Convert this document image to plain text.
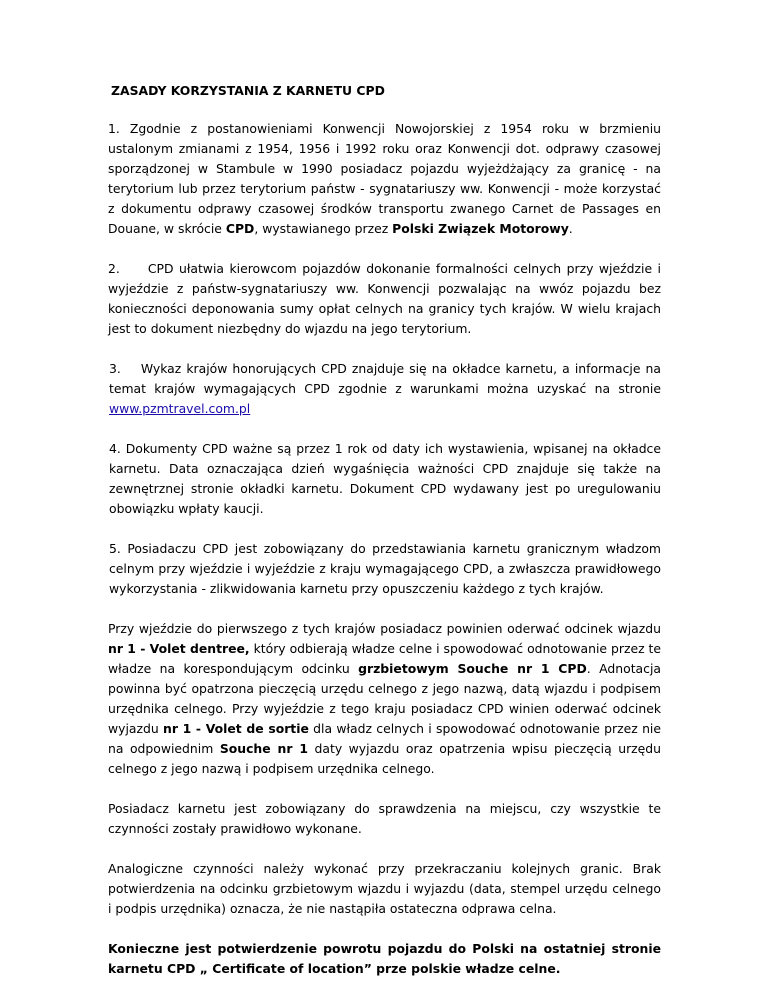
ZASADY KORZYSTANIA Z KARNETU CPD
1. Zgodnie z postanowieniami Konwencji Nowojorskiej z 1954 roku w brzmieniu ustalonym zmianami z 1954, 1956 i 1992 roku oraz Konwencji dot. odprawy czasowej sporządzonej w Stambule w 1990 posiadacz pojazdu wyjeżdżający za granicę - na terytorium lub przez terytorium państw - sygnatariuszy ww. Konwencji - może korzystać z dokumentu odprawy czasowej środków transportu zwanego Carnet de Passages en Douane, w skrócie CPD, wystawianego przez Polski Związek Motorowy.
2. CPD ułatwia kierowcom pojazdów dokonanie formalności celnych przy wjeździe i wyjeździe z państw-sygnatariuszy ww. Konwencji pozwalając na wwóz pojazdu bez konieczności deponowania sumy opłat celnych na granicy tych krajów. W wielu krajach jest to dokument niezbędny do wjazdu na jego terytorium.
3. Wykaz krajów honorujących CPD znajduje się na okładce karnetu, a informacje na temat krajów wymagających CPD zgodnie z warunkami można uzyskać na stronie www.pzmtravel.com.pl
4. Dokumenty CPD ważne są przez 1 rok od daty ich wystawienia, wpisanej na okładce karnetu. Data oznaczająca dzień wygaśnięcia ważności CPD znajduje się także na zewnętrznej stronie okładki karnetu. Dokument CPD wydawany jest po uregulowaniu obowiązku wpłaty kaucji.
5. Posiadaczu CPD jest zobowiązany do przedstawiania karnetu granicznym władzom celnym przy wjeździe i wyjeździe z kraju wymagającego CPD, a zwłaszcza prawidłowego wykorzystania - zlikwidowania karnetu przy opuszczeniu każdego z tych krajów.
Przy wjeździe do pierwszego z tych krajów posiadacz powinien oderwać odcinek wjazdu nr 1 - Volet dentree, który odbierają władze celne i spowodować odnotowanie przez te władze na korespondującym odcinku grzbietowym Souche nr 1 CPD. Adnotacja powinna być opatrzona pieczęcią urzędu celnego z jego nazwą, datą wjazdu i podpisem urzędnika celnego. Przy wyjeździe z tego kraju posiadacz CPD winien oderwać odcinek wyjazdu nr 1 - Volet de sortie dla władz celnych i spowodować odnotowanie przez nie na odpowiednim Souche nr 1 daty wyjazdu oraz opatrzenia wpisu pieczęcią urzędu celnego z jego nazwą i podpisem urzędnika celnego.
Posiadacz karnetu jest zobowiązany do sprawdzenia na miejscu, czy wszystkie te czynności zostały prawidłowo wykonane.
Analogiczne czynności należy wykonać przy przekraczaniu kolejnych granic. Brak potwierdzenia na odcinku grzbietowym wjazdu i wyjazdu (data, stempel urzędu celnego i podpis urzędnika) oznacza, że nie nastąpiła ostateczna odprawa celna.
Konieczne jest potwierdzenie powrotu pojazdu do Polski na ostatniej stronie karnetu CPD „ Certificate of location” prze polskie władze celne.
